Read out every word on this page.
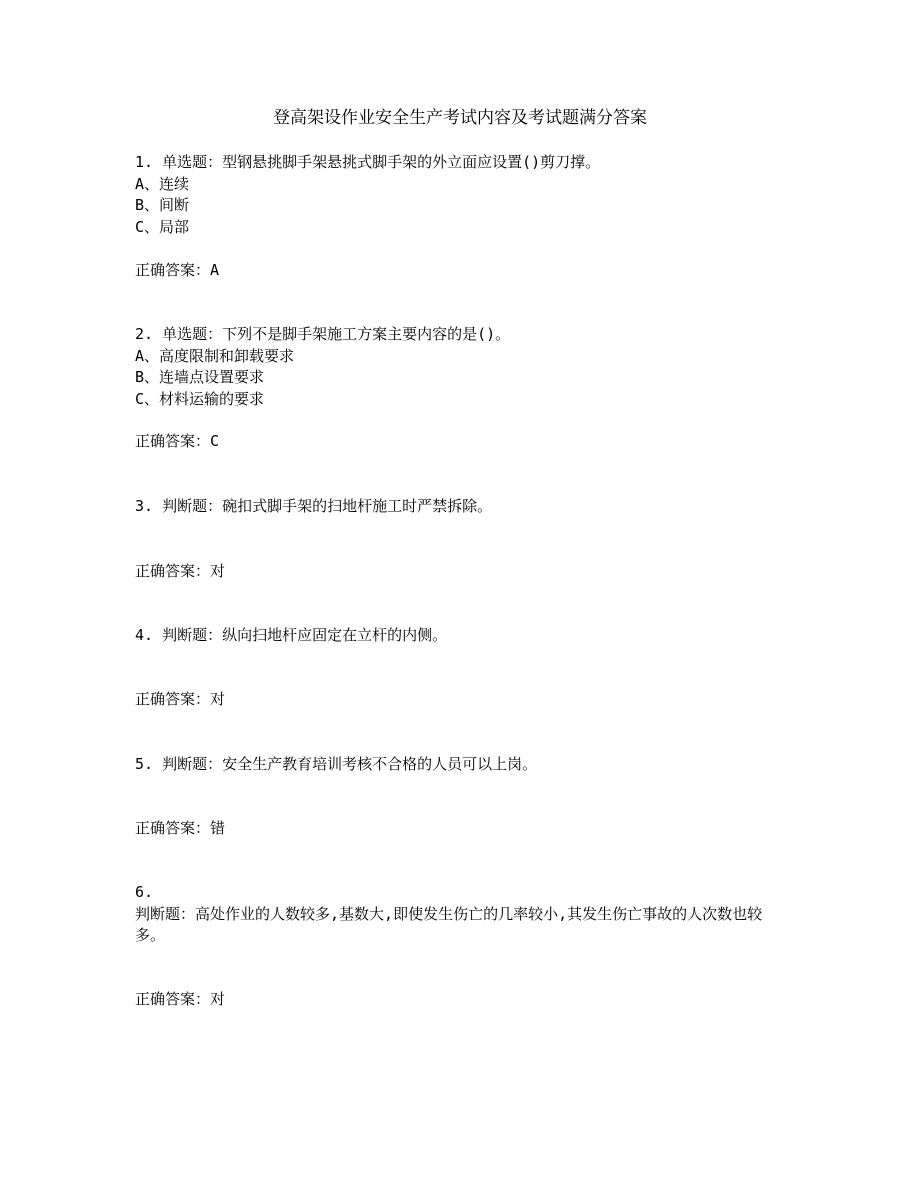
登高架设作业安全生产考试内容及考试题满分答案
1. 单选题：型钢悬挑脚手架悬挑式脚手架的外立面应设置()剪刀撑。
A、连续
B、间断
C、局部
正确答案：A
2. 单选题：下列不是脚手架施工方案主要内容的是()。
A、高度限制和卸载要求
B、连墙点设置要求
C、材料运输的要求
正确答案：C
3. 判断题：碗扣式脚手架的扫地杆施工时严禁拆除。
正确答案：对
4. 判断题：纵向扫地杆应固定在立杆的内侧。
正确答案：对
5. 判断题：安全生产教育培训考核不合格的人员可以上岗。
正确答案：错
6.
判断题：高处作业的人数较多,基数大,即使发生伤亡的几率较小,其发生伤亡事故的人次数也较多。
正确答案：对
